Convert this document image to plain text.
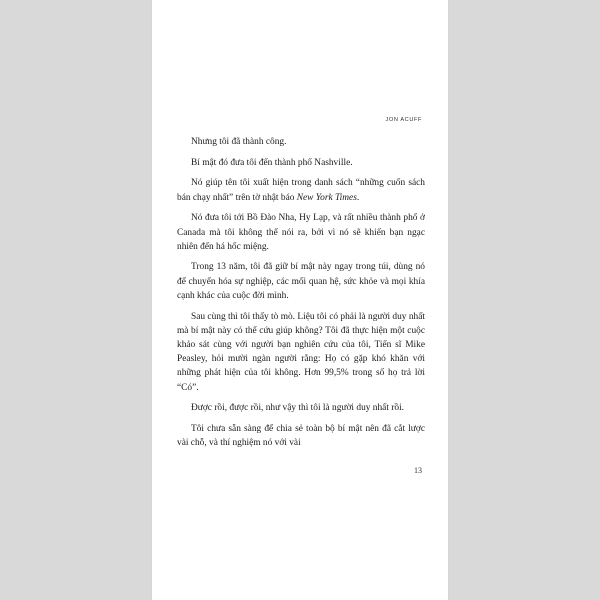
JON ACUFF

Nhưng tôi đã thành công.

Bí mật đó đưa tôi đến thành phố Nashville.

Nó giúp tên tôi xuất hiện trong danh sách “những cuốn sách bán chạy nhất” trên tờ nhật báo New York Times.

Nó đưa tôi tới Bồ Đào Nha, Hy Lạp, và rất nhiều thành phố ở Canada mà tôi không thể nói ra, bởi vì nó sẽ khiến bạn ngạc nhiên đến há hốc miệng.

Trong 13 năm, tôi đã giữ bí mật này ngay trong túi, dùng nó để chuyển hóa sự nghiệp, các mối quan hệ, sức khỏe và mọi khía cạnh khác của cuộc đời mình.

Sau cùng thì tôi thấy tò mò. Liệu tôi có phải là người duy nhất mà bí mật này có thể cứu giúp không? Tôi đã thực hiện một cuộc khảo sát cùng với người bạn nghiên cứu của tôi, Tiến sĩ Mike Peasley, hỏi mười ngàn người rằng: Họ có gặp khó khăn với những phát hiện của tôi không. Hơn 99,5% trong số họ trả lời “Có”.

Được rồi, được rồi, như vậy thì tôi là người duy nhất rồi.

Tôi chưa sẵn sàng để chia sẻ toàn bộ bí mật nên đã cắt lược vài chỗ, và thí nghiệm nó với vài

13
